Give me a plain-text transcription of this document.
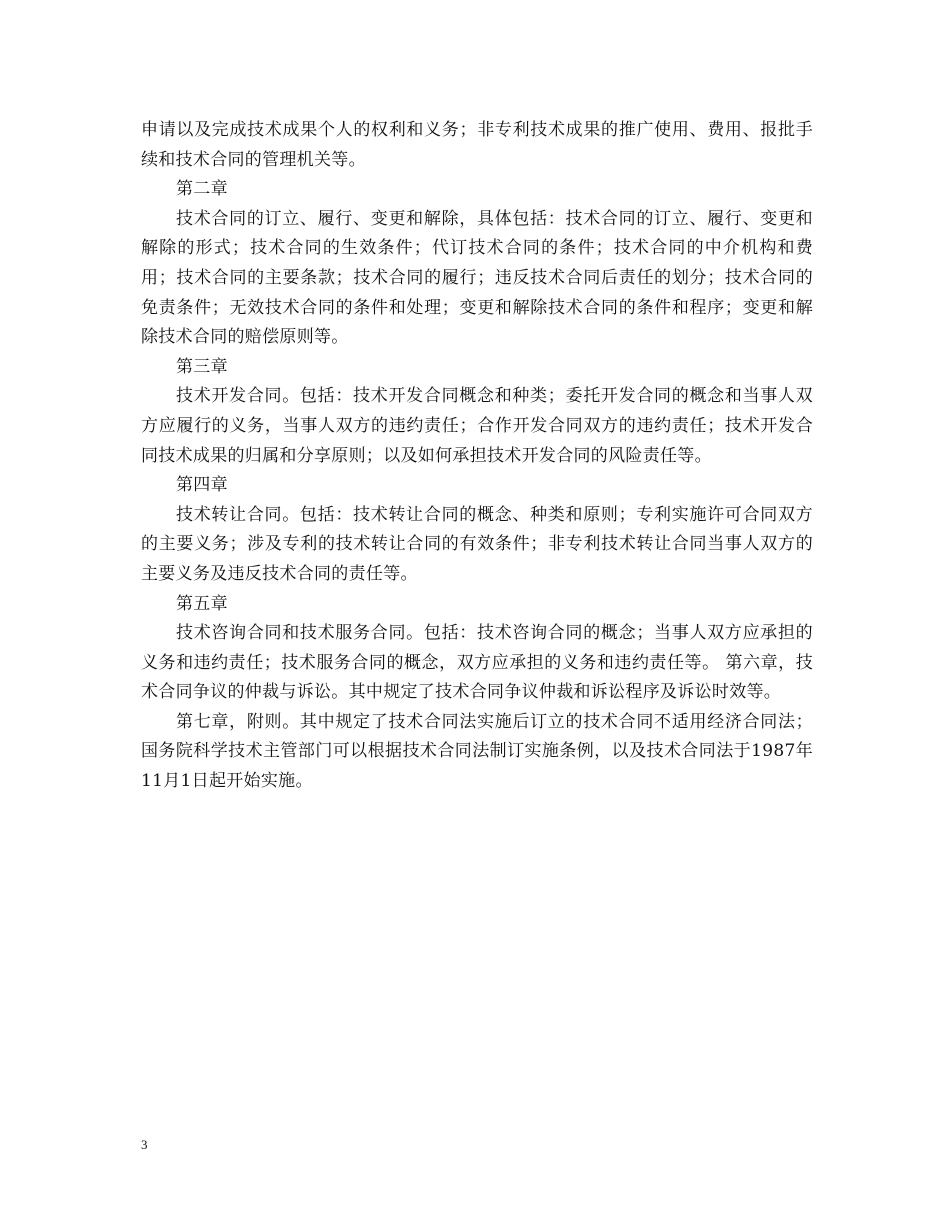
申请以及完成技术成果个人的权利和义务；非专利技术成果的推广使用、费用、报批手续和技术合同的管理机关等。

第二章

技术合同的订立、履行、变更和解除，具体包括：技术合同的订立、履行、变更和解除的形式；技术合同的生效条件；代订技术合同的条件；技术合同的中介机构和费用；技术合同的主要条款；技术合同的履行；违反技术合同后责任的划分；技术合同的免责条件；无效技术合同的条件和处理；变更和解除技术合同的条件和程序；变更和解除技术合同的赔偿原则等。

第三章

技术开发合同。包括：技术开发合同概念和种类；委托开发合同的概念和当事人双方应履行的义务，当事人双方的违约责任；合作开发合同双方的违约责任；技术开发合同技术成果的归属和分享原则；以及如何承担技术开发合同的风险责任等。

第四章

技术转让合同。包括：技术转让合同的概念、种类和原则；专利实施许可合同双方的主要义务；涉及专利的技术转让合同的有效条件；非专利技术转让合同当事人双方的主要义务及违反技术合同的责任等。

第五章

技术咨询合同和技术服务合同。包括：技术咨询合同的概念；当事人双方应承担的义务和违约责任；技术服务合同的概念，双方应承担的义务和违约责任等。 第六章，技术合同争议的仲裁与诉讼。其中规定了技术合同争议仲裁和诉讼程序及诉讼时效等。

第七章，附则。其中规定了技术合同法实施后订立的技术合同不适用经济合同法；国务院科学技术主管部门可以根据技术合同法制订实施条例，以及技术合同法于1987年11月1日起开始实施。

3
